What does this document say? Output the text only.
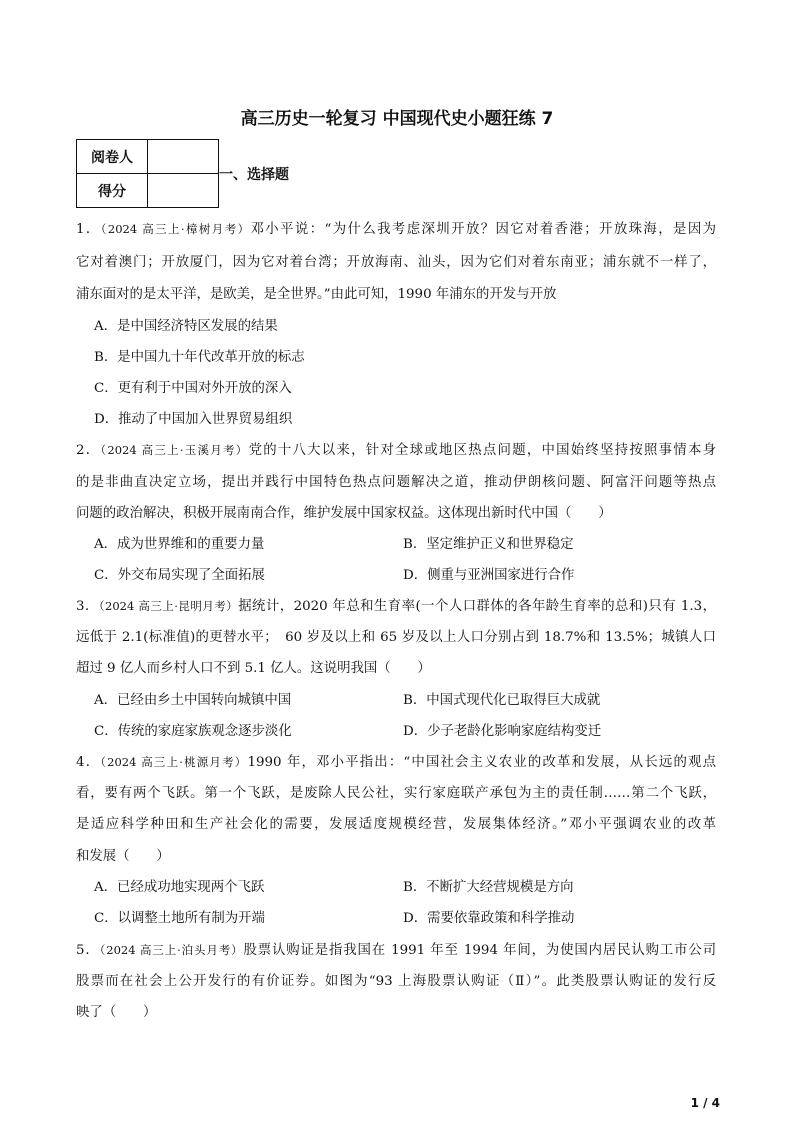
高三历史一轮复习 中国现代史小题狂练 7
阅卷人	
得分	
一、选择题
1．（2024 高三上·樟树月考）邓小平说：“为什么我考虑深圳开放？因它对着香港；开放珠海，是因为
它对着澳门；开放厦门，因为它对着台湾；开放海南、汕头，因为它们对着东南亚；浦东就不一样了，
浦东面对的是太平洋，是欧美，是全世界。”由此可知，1990 年浦东的开发与开放
A．是中国经济特区发展的结果
B．是中国九十年代改革开放的标志
C．更有利于中国对外开放的深入
D．推动了中国加入世界贸易组织
2．（2024 高三上·玉溪月考）党的十八大以来，针对全球或地区热点问题，中国始终坚持按照事情本身
的是非曲直决定立场，提出并践行中国特色热点问题解决之道，推动伊朗核问题、阿富汗问题等热点
问题的政治解决，积极开展南南合作，维护发展中国家权益。这体现出新时代中国（　　）
A．成为世界维和的重要力量	B．坚定维护正义和世界稳定
C．外交布局实现了全面拓展	D．侧重与亚洲国家进行合作
3．（2024 高三上·昆明月考）据统计，2020 年总和生育率(一个人口群体的各年龄生育率的总和)只有 1.3，
远低于 2.1(标准值)的更替水平；　60 岁及以上和 65 岁及以上人口分别占到 18.7%和 13.5%；城镇人口
超过 9 亿人而乡村人口不到 5.1 亿人。这说明我国（　　）
A．已经由乡土中国转向城镇中国	B．中国式现代化已取得巨大成就
C．传统的家庭家族观念逐步淡化	D．少子老龄化影响家庭结构变迁
4．（2024 高三上·桃源月考）1990 年，邓小平指出：“中国社会主义农业的改革和发展，从长远的观点
看，要有两个飞跃。第一个飞跃，是废除人民公社，实行家庭联产承包为主的责任制……第二个飞跃，
是适应科学种田和生产社会化的需要，发展适度规模经营，发展集体经济。”邓小平强调农业的改革
和发展（　　）
A．已经成功地实现两个飞跃	B．不断扩大经营规模是方向
C．以调整土地所有制为开端	D．需要依靠政策和科学推动
5．（2024 高三上·泊头月考）股票认购证是指我国在 1991 年至 1994 年间，为使国内居民认购工市公司
股票而在社会上公开发行的有价证券。如图为“93 上海股票认购证（Ⅱ）”。此类股票认购证的发行反
映了（　　）
1 / 4
